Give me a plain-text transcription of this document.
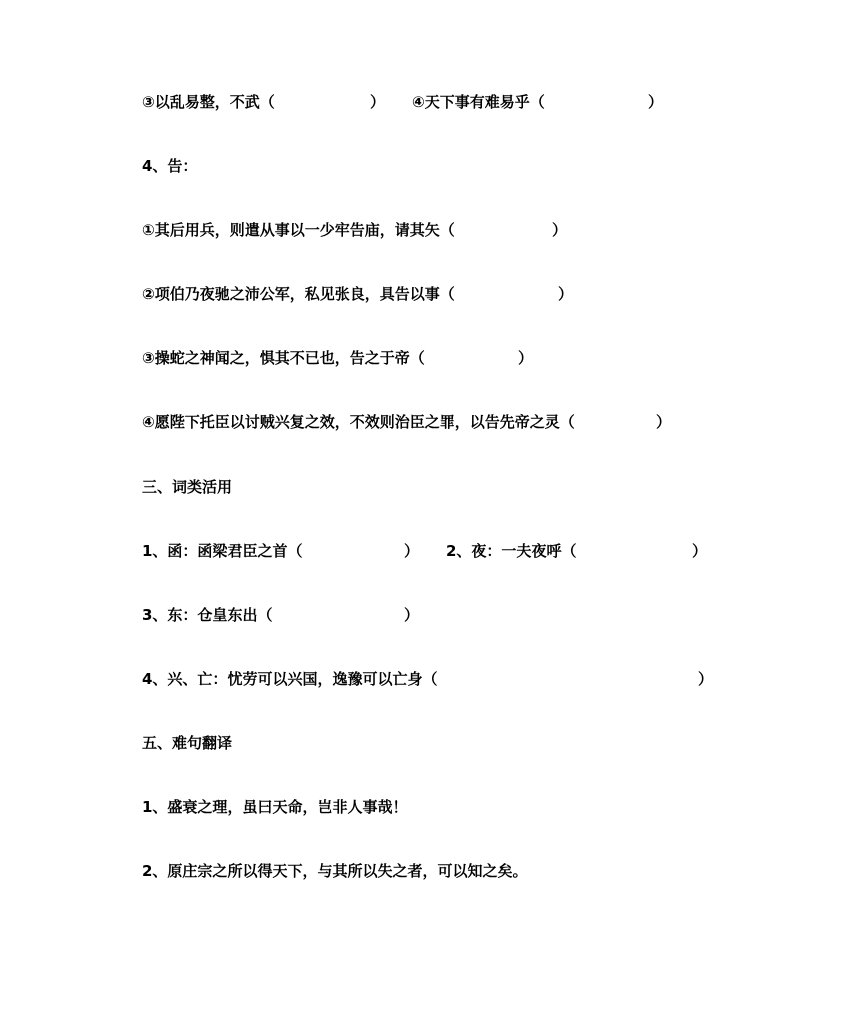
③以乱易整，不武（	） ④天下事有难易乎（	）
4、告：
①其后用兵，则遣从事以一少牢告庙，请其矢（	）
②项伯乃夜驰之沛公军，私见张良，具告以事（	）
③操蛇之神闻之，惧其不已也，告之于帝（	）
④愿陛下托臣以讨贼兴复之效，不效则治臣之罪，以告先帝之灵（	）
三、词类活用
1、函：函梁君臣之首（	） 2、夜：一夫夜呼（	）
3、东：仓皇东出（	）
4、兴、亡：忧劳可以兴国，逸豫可以亡身（	）
五、难句翻译
1、盛衰之理，虽曰天命，岂非人事哉！
2、原庄宗之所以得天下，与其所以失之者，可以知之矣。
